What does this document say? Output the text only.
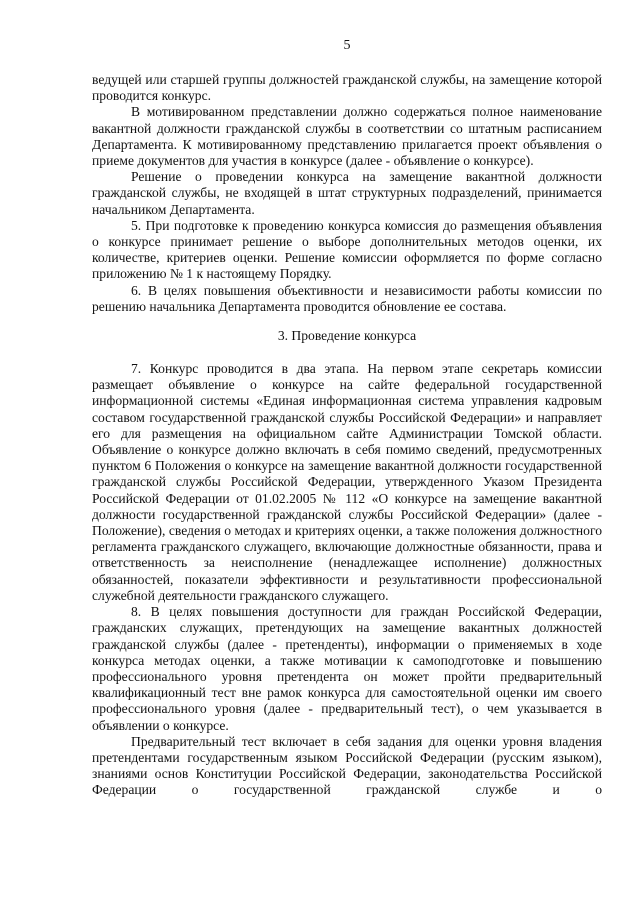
5

ведущей или старшей группы должностей гражданской службы, на замещение которой проводится конкурс.

В мотивированном представлении должно содержаться полное наименование вакантной должности гражданской службы в соответствии со штатным расписанием Департамента. К мотивированному представлению прилагается проект объявления о приеме документов для участия в конкурсе (далее - объявление о конкурсе).

Решение о проведении конкурса на замещение вакантной должности гражданской службы, не входящей в штат структурных подразделений, принимается начальником Департамента.

5. При подготовке к проведению конкурса комиссия до размещения объявления о конкурсе принимает решение о выборе дополнительных методов оценки, их количестве, критериев оценки. Решение комиссии оформляется по форме согласно приложению № 1 к настоящему Порядку.

6. В целях повышения объективности и независимости работы комиссии по решению начальника Департамента проводится обновление ее состава.

3. Проведение конкурса

7. Конкурс проводится в два этапа. На первом этапе секретарь комиссии размещает объявление о конкурсе на сайте федеральной государственной информационной системы «Единая информационная система управления кадровым составом государственной гражданской службы Российской Федерации» и направляет его для размещения на официальном сайте Администрации Томской области. Объявление о конкурсе должно включать в себя помимо сведений, предусмотренных пунктом 6 Положения о конкурсе на замещение вакантной должности государственной гражданской службы Российской Федерации, утвержденного Указом Президента Российской Федерации от 01.02.2005 № 112 «О конкурсе на замещение вакантной должности государственной гражданской службы Российской Федерации» (далее - Положение), сведения о методах и критериях оценки, а также положения должностного регламента гражданского служащего, включающие должностные обязанности, права и ответственность за неисполнение (ненадлежащее исполнение) должностных обязанностей, показатели эффективности и результативности профессиональной служебной деятельности гражданского служащего.

8. В целях повышения доступности для граждан Российской Федерации, гражданских служащих, претендующих на замещение вакантных должностей гражданской службы (далее - претенденты), информации о применяемых в ходе конкурса методах оценки, а также мотивации к самоподготовке и повышению профессионального уровня претендента он может пройти предварительный квалификационный тест вне рамок конкурса для самостоятельной оценки им своего профессионального уровня (далее - предварительный тест), о чем указывается в объявлении о конкурсе.

Предварительный тест включает в себя задания для оценки уровня владения претендентами государственным языком Российской Федерации (русским языком), знаниями основ Конституции Российской Федерации, законодательства Российской Федерации о государственной гражданской службе и о
